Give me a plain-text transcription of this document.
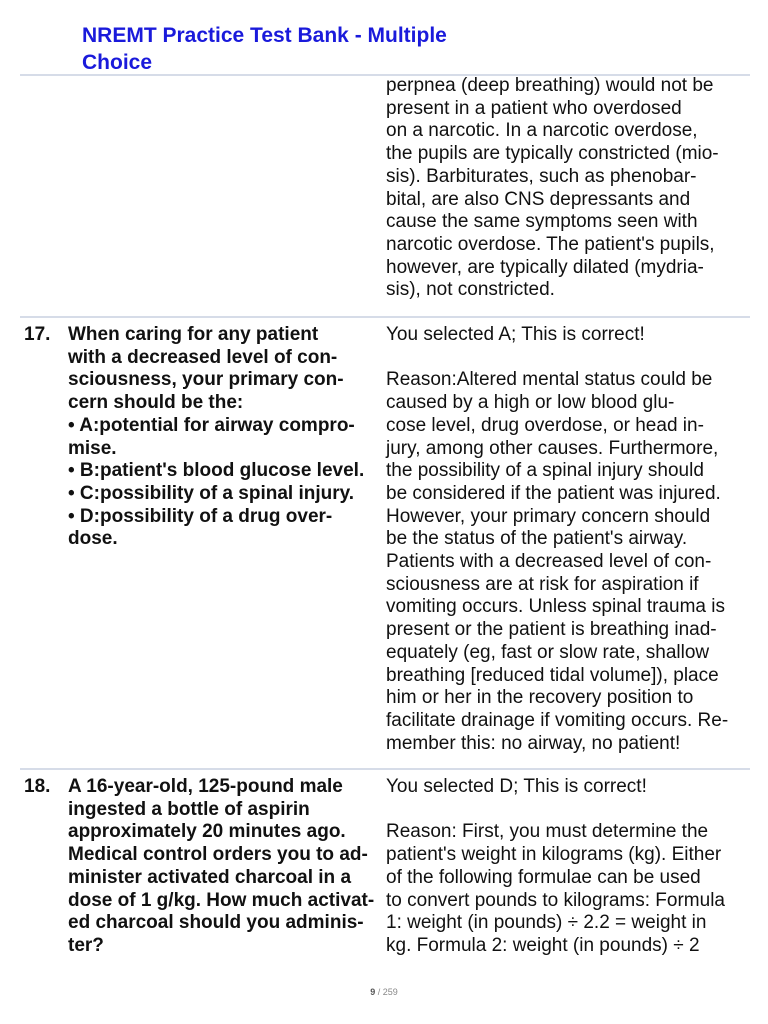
NREMT Practice Test Bank - Multiple
Choice
perpnea (deep breathing) would not be
present in a patient who overdosed
on a narcotic. In a narcotic overdose,
the pupils are typically constricted (mio-
sis). Barbiturates, such as phenobar-
bital, are also CNS depressants and
cause the same symptoms seen with
narcotic overdose. The patient's pupils,
however, are typically dilated (mydria-
sis), not constricted.
17. When caring for any patient
with a decreased level of con-
sciousness, your primary con-
cern should be the:
• A:potential for airway compro-
mise.
• B:patient's blood glucose level.
• C:possibility of a spinal injury.
• D:possibility of a drug over-
dose.
You selected A; This is correct!
Reason:Altered mental status could be
caused by a high or low blood glu-
cose level, drug overdose, or head in-
jury, among other causes. Furthermore,
the possibility of a spinal injury should
be considered if the patient was injured.
However, your primary concern should
be the status of the patient's airway.
Patients with a decreased level of con-
sciousness are at risk for aspiration if
vomiting occurs. Unless spinal trauma is
present or the patient is breathing inad-
equately (eg, fast or slow rate, shallow
breathing [reduced tidal volume]), place
him or her in the recovery position to
facilitate drainage if vomiting occurs. Re-
member this: no airway, no patient!
18. A 16-year-old, 125-pound male
ingested a bottle of aspirin
approximately 20 minutes ago.
Medical control orders you to ad-
minister activated charcoal in a
dose of 1 g/kg. How much activat-
ed charcoal should you adminis-
ter?
You selected D; This is correct!
Reason: First, you must determine the
patient's weight in kilograms (kg). Either
of the following formulae can be used
to convert pounds to kilograms: Formula
1: weight (in pounds) ÷ 2.2 = weight in
kg. Formula 2: weight (in pounds) ÷ 2
9 / 259
